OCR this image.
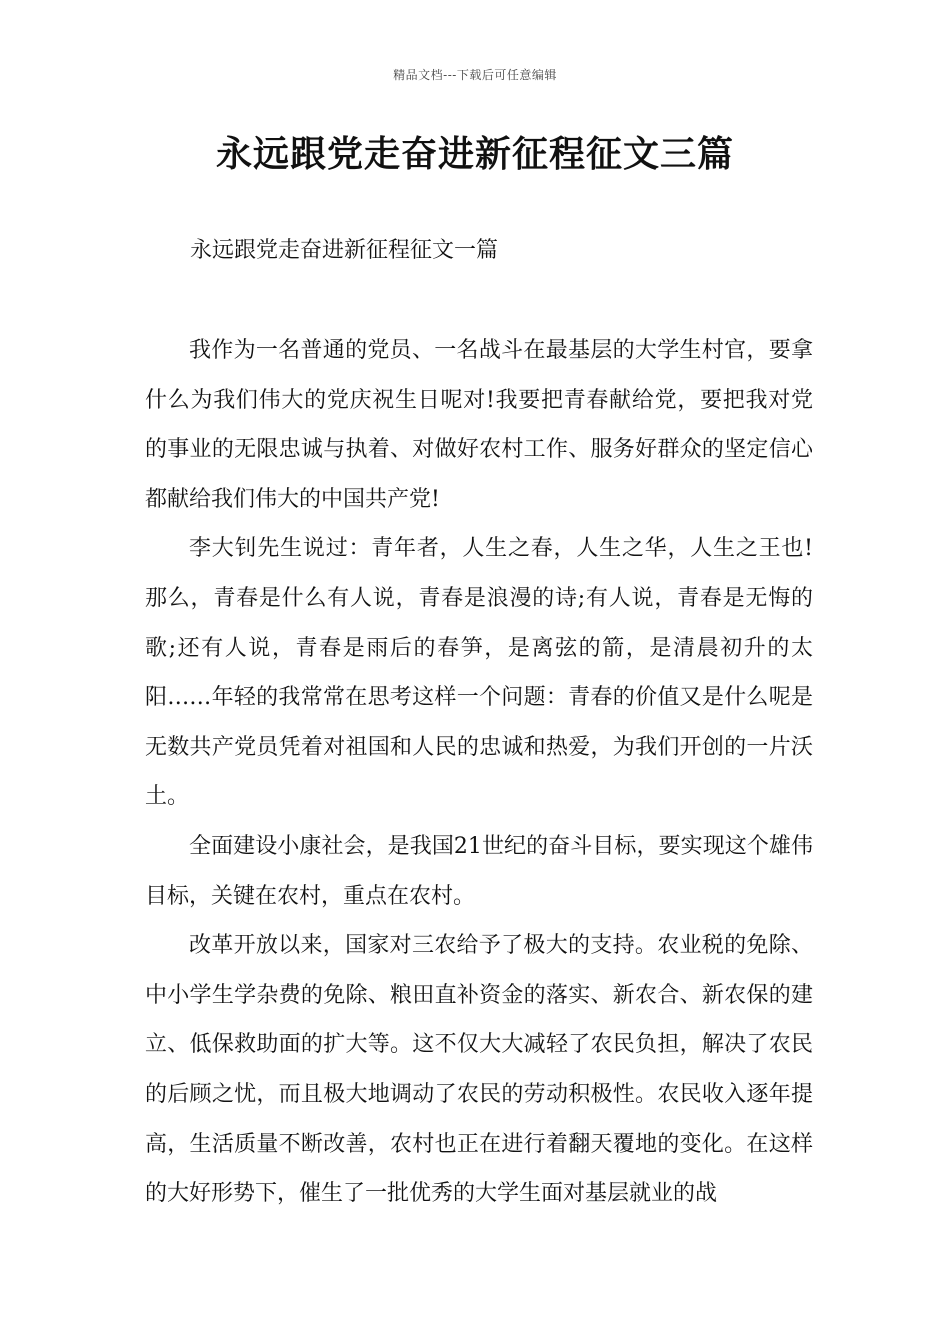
精品文档---下载后可任意编辑
永远跟党走奋进新征程征文三篇
永远跟党走奋进新征程征文一篇

我作为一名普通的党员、一名战斗在最基层的大学生村官，要拿什么为我们伟大的党庆祝生日呢对!我要把青春献给党，要把我对党的事业的无限忠诚与执着、对做好农村工作、服务好群众的坚定信心都献给我们伟大的中国共产党!

李大钊先生说过：青年者，人生之春，人生之华，人生之王也!那么，青春是什么有人说，青春是浪漫的诗;有人说，青春是无悔的歌;还有人说，青春是雨后的春笋，是离弦的箭，是清晨初升的太阳……年轻的我常常在思考这样一个问题：青春的价值又是什么呢是无数共产党员凭着对祖国和人民的忠诚和热爱，为我们开创的一片沃土。

全面建设小康社会，是我国21世纪的奋斗目标，要实现这个雄伟目标，关键在农村，重点在农村。

改革开放以来，国家对三农给予了极大的支持。农业税的免除、中小学生学杂费的免除、粮田直补资金的落实、新农合、新农保的建立、低保救助面的扩大等。这不仅大大减轻了农民负担，解决了农民的后顾之忧，而且极大地调动了农民的劳动积极性。农民收入逐年提高，生活质量不断改善，农村也正在进行着翻天覆地的变化。在这样的大好形势下，催生了一批优秀的大学生面对基层就业的战
